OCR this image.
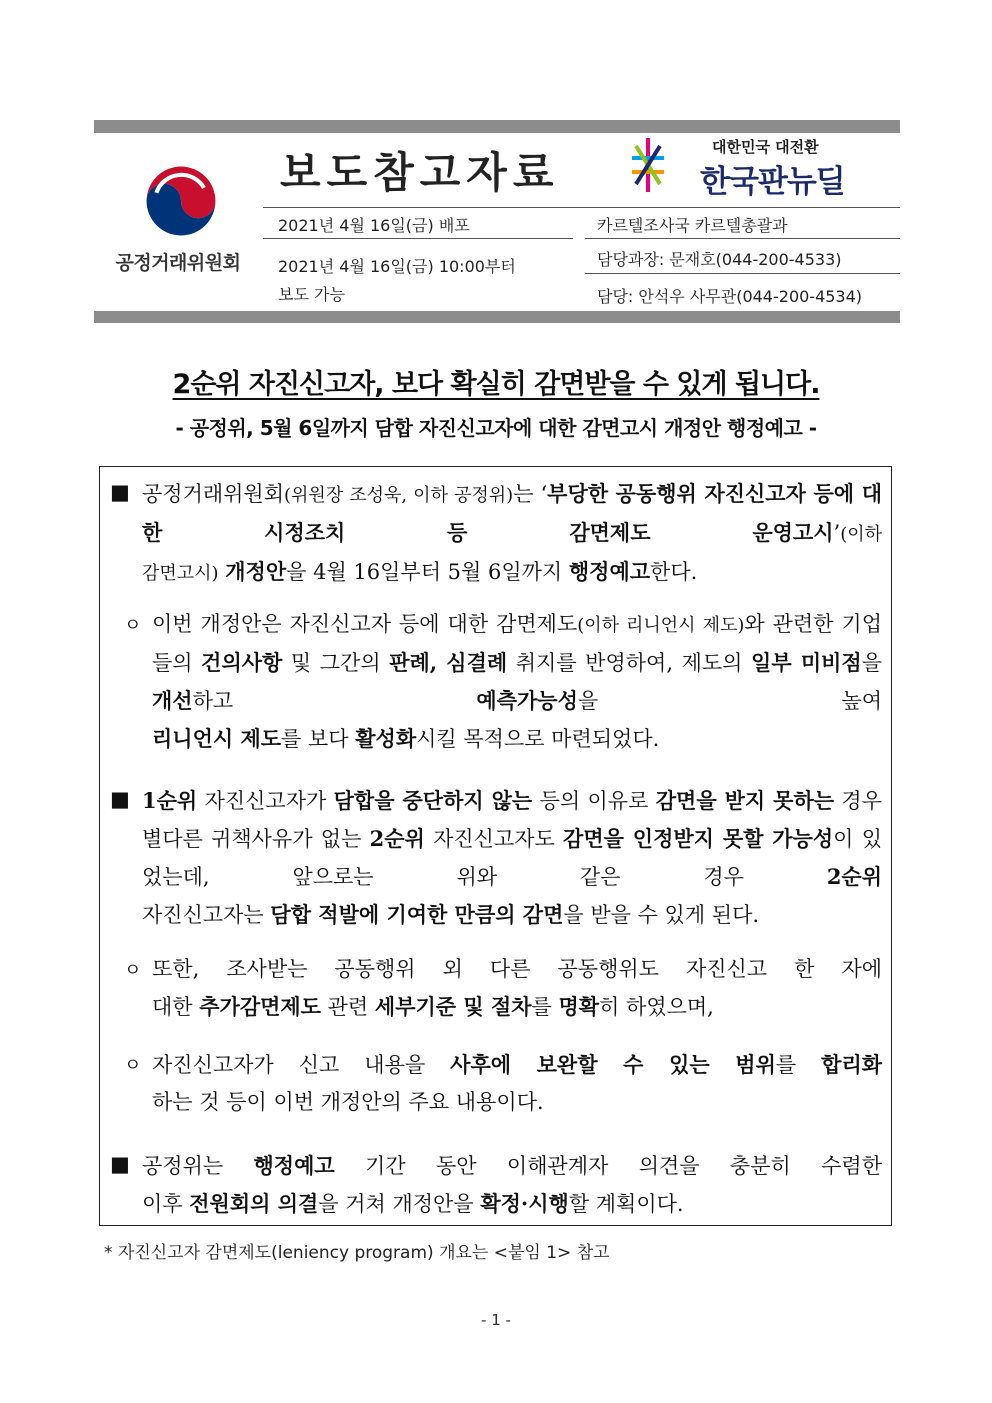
공정거래위원회
보도참고자료
대한민국 대전환
한국판뉴딜
2021년 4월 16일(금) 배포
2021년 4월 16일(금) 10:00부터
보도 가능
카르텔조사국 카르텔총괄과
담당과장: 문재호(044-200-4533)
담당: 안석우 사무관(044-200-4534)
2순위 자진신고자, 보다 확실히 감면받을 수 있게 됩니다.
- 공정위, 5월 6일까지 담합 자진신고자에 대한 감면고시 개정안 행정예고 -
■ 공정거래위원회(위원장 조성욱, 이하 공정위)는 ‘부당한 공동행위 자진신고자 등에 대한 시정조치 등 감면제도 운영고시’(이하
감면고시) 개정안을 4월 16일부터 5월 6일까지 행정예고한다.
ㅇ 이번 개정안은 자진신고자 등에 대한 감면제도(이하 리니언시 제도)와 관련한 기업들의 건의사항 및 그간의 판례, 심결례 취지를 반영하여, 제도의 일부 미비점을 개선하고 예측가능성을 높여
리니언시 제도를 보다 활성화시킬 목적으로 마련되었다.
■ 1순위 자진신고자가 담합을 중단하지 않는 등의 이유로 감면을 받지 못하는 경우 별다른 귀책사유가 없는 2순위 자진신고자도 감면을 인정받지 못할 가능성이 있었는데, 앞으로는 위와 같은 경우 2순위
자진신고자는 담합 적발에 기여한 만큼의 감면을 받을 수 있게 된다.
ㅇ 또한, 조사받는 공동행위 외 다른 공동행위도 자진신고 한 자에
대한 추가감면제도 관련 세부기준 및 절차를 명확히 하였으며,
ㅇ 자진신고자가 신고 내용을 사후에 보완할 수 있는 범위를 합리화
하는 것 등이 이번 개정안의 주요 내용이다.
■ 공정위는 행정예고 기간 동안 이해관계자 의견을 충분히 수렴한
이후 전원회의 의결을 거쳐 개정안을 확정·시행할 계획이다.
* 자진신고자 감면제도(leniency program) 개요는 <붙임 1> 참고
- 1 -
